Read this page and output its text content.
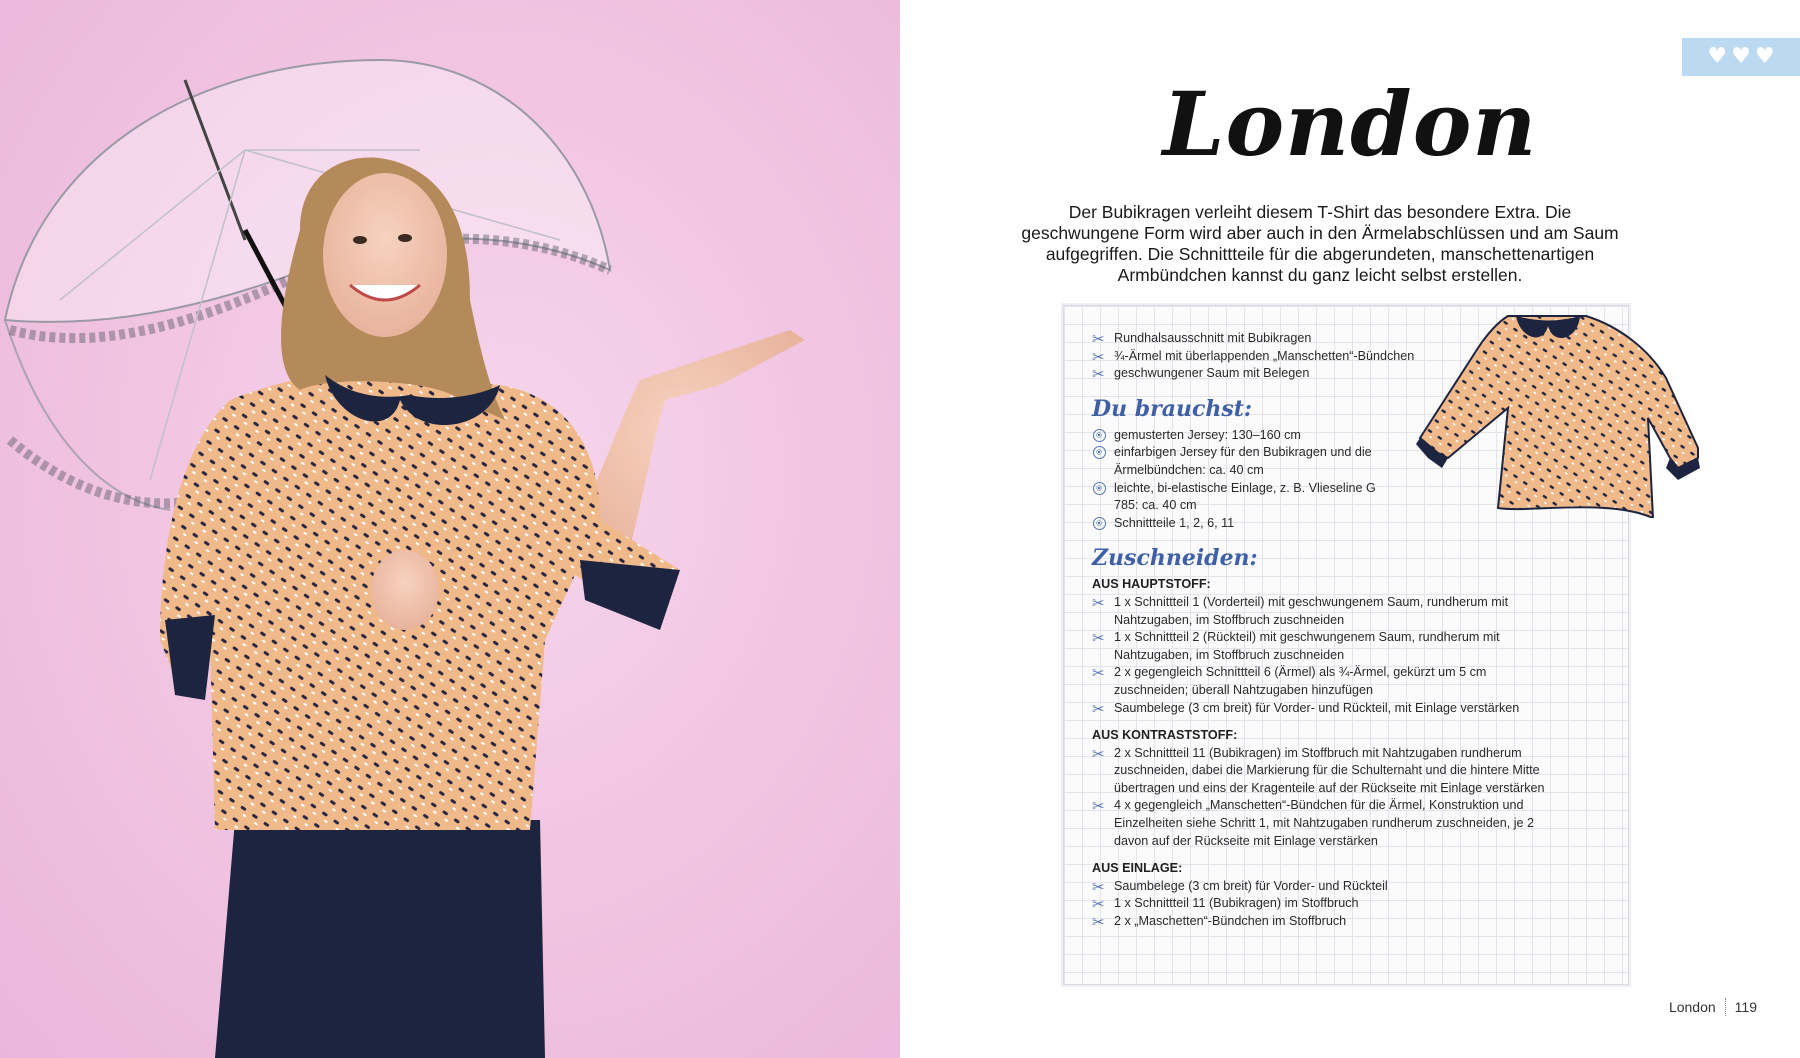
♥ ♥ ♥
London

Der Bubikragen verleiht diesem T-Shirt das besondere Extra. Die geschwungene Form wird aber auch in den Ärmelabschlüssen und am Saum aufgegriffen. Die Schnittteile für die abgerundeten, manschettenartigen Armbündchen kannst du ganz leicht selbst erstellen.

✂ Rundhalsausschnitt mit Bubikragen
✂ ¾-Ärmel mit überlappenden „Manschetten“-Bündchen
✂ geschwungener Saum mit Belegen
Du brauchst:
gemusterten Jersey: 130–160 cm
einfarbigen Jersey für den Bubikragen und die Ärmelbündchen: ca. 40 cm
leichte, bi-elastische Einlage, z. B. Vlieseline G 785: ca. 40 cm
Schnittteile 1, 2, 6, 11
Zuschneiden:
AUS HAUPTSTOFF:
✂ 1 x Schnittteil 1 (Vorderteil) mit geschwungenem Saum, rundherum mit Nahtzugaben, im Stoffbruch zuschneiden
✂ 1 x Schnittteil 2 (Rückteil) mit geschwungenem Saum, rundherum mit Nahtzugaben, im Stoffbruch zuschneiden
✂ 2 x gegengleich Schnittteil 6 (Ärmel) als ¾-Ärmel, gekürzt um 5 cm zuschneiden; überall Nahtzugaben hinzufügen
✂ Saumbelege (3 cm breit) für Vorder- und Rückteil, mit Einlage verstärken
AUS KONTRASTSTOFF:
✂ 2 x Schnittteil 11 (Bubikragen) im Stoffbruch mit Nahtzugaben rundherum zuschneiden, dabei die Markierung für die Schulternaht und die hintere Mitte übertragen und eins der Kragenteile auf der Rückseite mit Einlage verstärken
✂ 4 x gegengleich „Manschetten“-Bündchen für die Ärmel, Konstruktion und Einzelheiten siehe Schritt 1, mit Nahtzugaben rundherum zuschneiden, je 2 davon auf der Rückseite mit Einlage verstärken
AUS EINLAGE:
✂ Saumbelege (3 cm breit) für Vorder- und Rückteil
✂ 1 x Schnittteil 11 (Bubikragen) im Stoffbruch
✂ 2 x „Maschetten“-Bündchen im Stoffbruch
London 119
